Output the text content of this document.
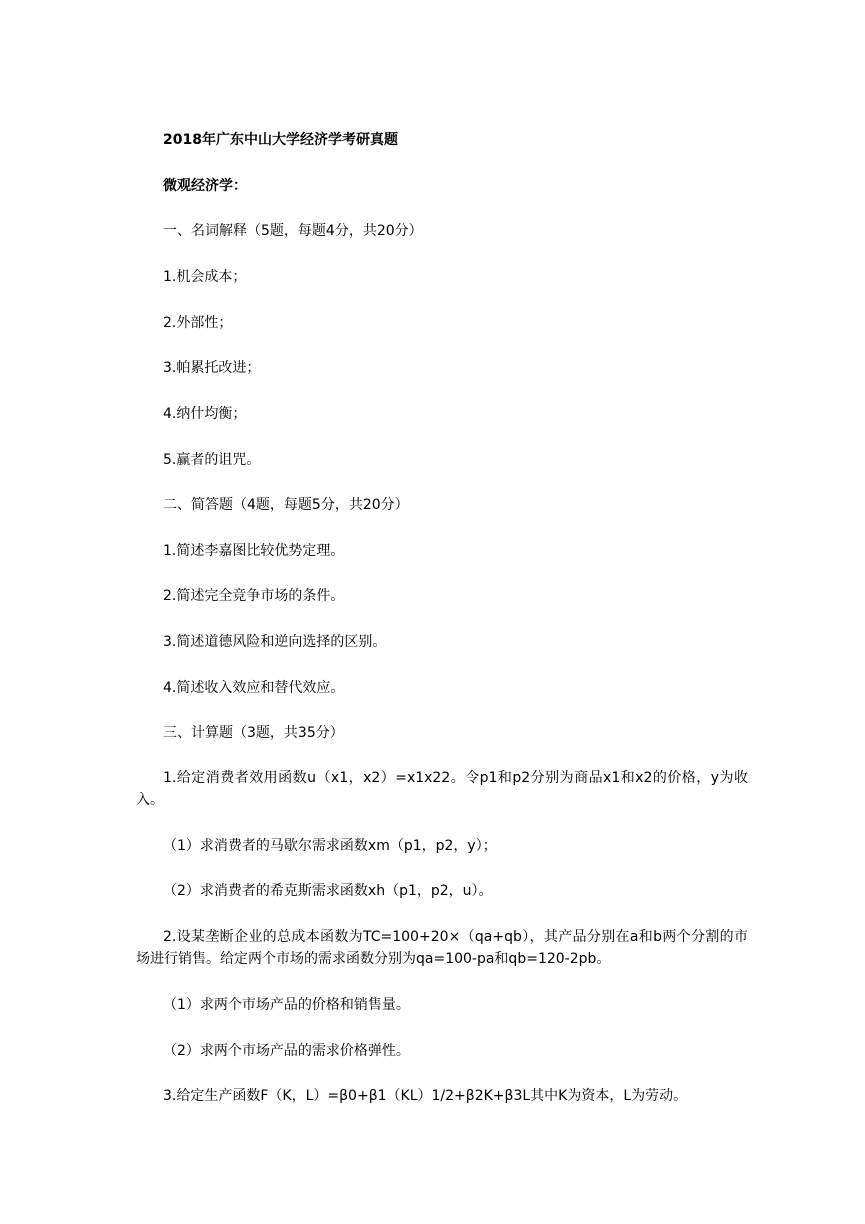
2018年广东中山大学经济学考研真题
微观经济学：
一、名词解释（5题，每题4分，共20分）
1.机会成本；
2.外部性；
3.帕累托改进；
4.纳什均衡；
5.赢者的诅咒。
二、简答题（4题，每题5分，共20分）
1.简述李嘉图比较优势定理。
2.简述完全竞争市场的条件。
3.简述道德风险和逆向选择的区别。
4.简述收入效应和替代效应。
三、计算题（3题，共35分）
1.给定消费者效用函数u（x1，x2）=x1x22。令p1和p2分别为商品x1和x2的价格，y为收入。
（1）求消费者的马歇尔需求函数xm（p1，p2，y）；
（2）求消费者的希克斯需求函数xh（p1，p2，u）。
2.设某垄断企业的总成本函数为TC=100+20×（qa+qb），其产品分别在a和b两个分割的市场进行销售。给定两个市场的需求函数分别为qa=100-pa和qb=120-2pb。
（1）求两个市场产品的价格和销售量。
（2）求两个市场产品的需求价格弹性。
3.给定生产函数F（K，L）=β0+β1（KL）1/2+β2K+β3L其中K为资本，L为劳动。
